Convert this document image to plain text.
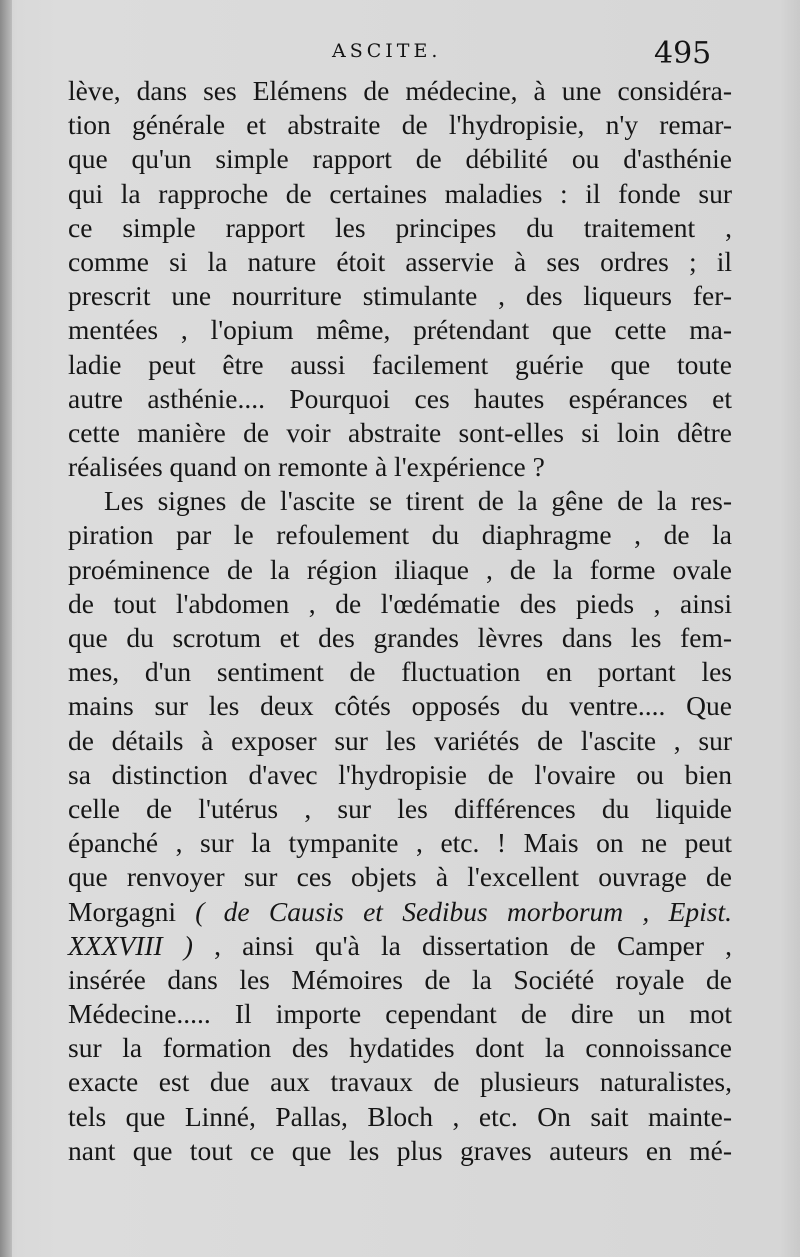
ASCITE.	495
lève, dans ses Elémens de médecine, à une considéra-
tion générale et abstraite de l'hydropisie, n'y remar-
que qu'un simple rapport de débilité ou d'asthénie
qui la rapproche de certaines maladies : il fonde sur
ce simple rapport les principes du traitement ,
comme si la nature étoit asservie à ses ordres ; il
prescrit une nourriture stimulante , des liqueurs fer-
mentées , l'opium même, prétendant que cette ma-
ladie peut être aussi facilement guérie que toute
autre asthénie.... Pourquoi ces hautes espérances et
cette manière de voir abstraite sont-elles si loin dêtre
réalisées quand on remonte à l'expérience ?
Les signes de l'ascite se tirent de la gêne de la res-
piration par le refoulement du diaphragme , de la
proéminence de la région iliaque , de la forme ovale
de tout l'abdomen , de l'œdématie des pieds , ainsi
que du scrotum et des grandes lèvres dans les fem-
mes, d'un sentiment de fluctuation en portant les
mains sur les deux côtés opposés du ventre.... Que
de détails à exposer sur les variétés de l'ascite , sur
sa distinction d'avec l'hydropisie de l'ovaire ou bien
celle de l'utérus , sur les différences du liquide
épanché , sur la tympanite , etc. ! Mais on ne peut
que renvoyer sur ces objets à l'excellent ouvrage de
Morgagni ( de Causis et Sedibus morborum , Epist.
XXXVIII ) , ainsi qu'à la dissertation de Camper ,
insérée dans les Mémoires de la Société royale de
Médecine..... Il importe cependant de dire un mot
sur la formation des hydatides dont la connoissance
exacte est due aux travaux de plusieurs naturalistes,
tels que Linné, Pallas, Bloch , etc. On sait mainte-
nant que tout ce que les plus graves auteurs en mé-
